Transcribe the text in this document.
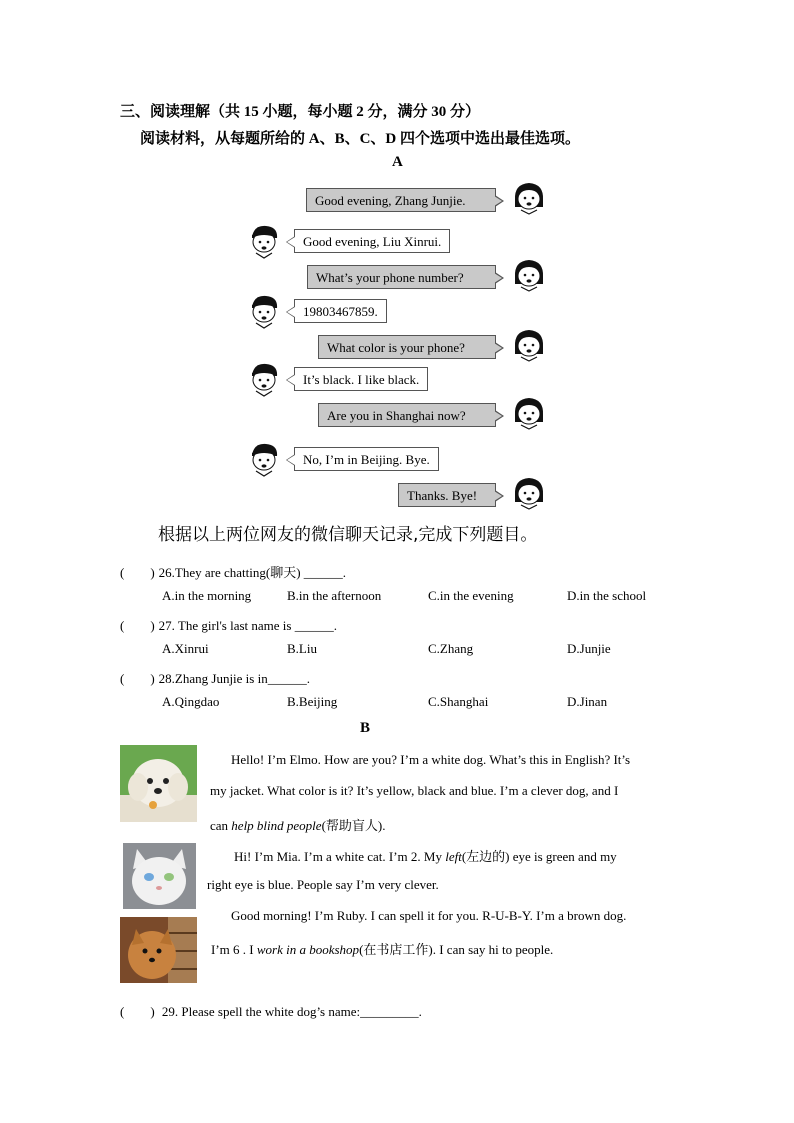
三、阅读理解（共 15 小题，每小题 2 分，满分 30 分）
阅读材料，从每题所给的 A、B、C、D 四个选项中选出最佳选项。
A
Good evening, Zhang Junjie.
Good evening, Liu Xinrui.
What’s your phone number?
19803467859.
What color is your phone?
It’s black. I like black.
Are you in Shanghai now?
No, I’m in Beijing. Bye.
Thanks. Bye!
根据以上两位网友的微信聊天记录,完成下列题目。
(　　) 26.They are chatting(聊天) ______.
A.in the morning	B.in the afternoon	C.in the evening	D.in the school
(　　) 27. The girl's last name is ______.
A.Xinrui	B.Liu	C.Zhang	D.Junjie
(　　) 28.Zhang Junjie is in______.
A.Qingdao	B.Beijing	C.Shanghai	D.Jinan
B
Hello! I’m Elmo. How are you? I’m a white dog. What’s this in English? It’s
my jacket. What color is it? It’s yellow, black and blue. I’m a clever dog, and I
can help blind people(帮助盲人).
Hi! I’m Mia. I’m a white cat. I’m 2. My left(左边的) eye is green and my
right eye is blue. People say I’m very clever.
Good morning! I’m Ruby. I can spell it for you. R-U-B-Y. I’m a brown dog.
I’m 6 . I work in a bookshop(在书店工作). I can say hi to people.
(　　) 29. Please spell the white dog’s name:_________.
